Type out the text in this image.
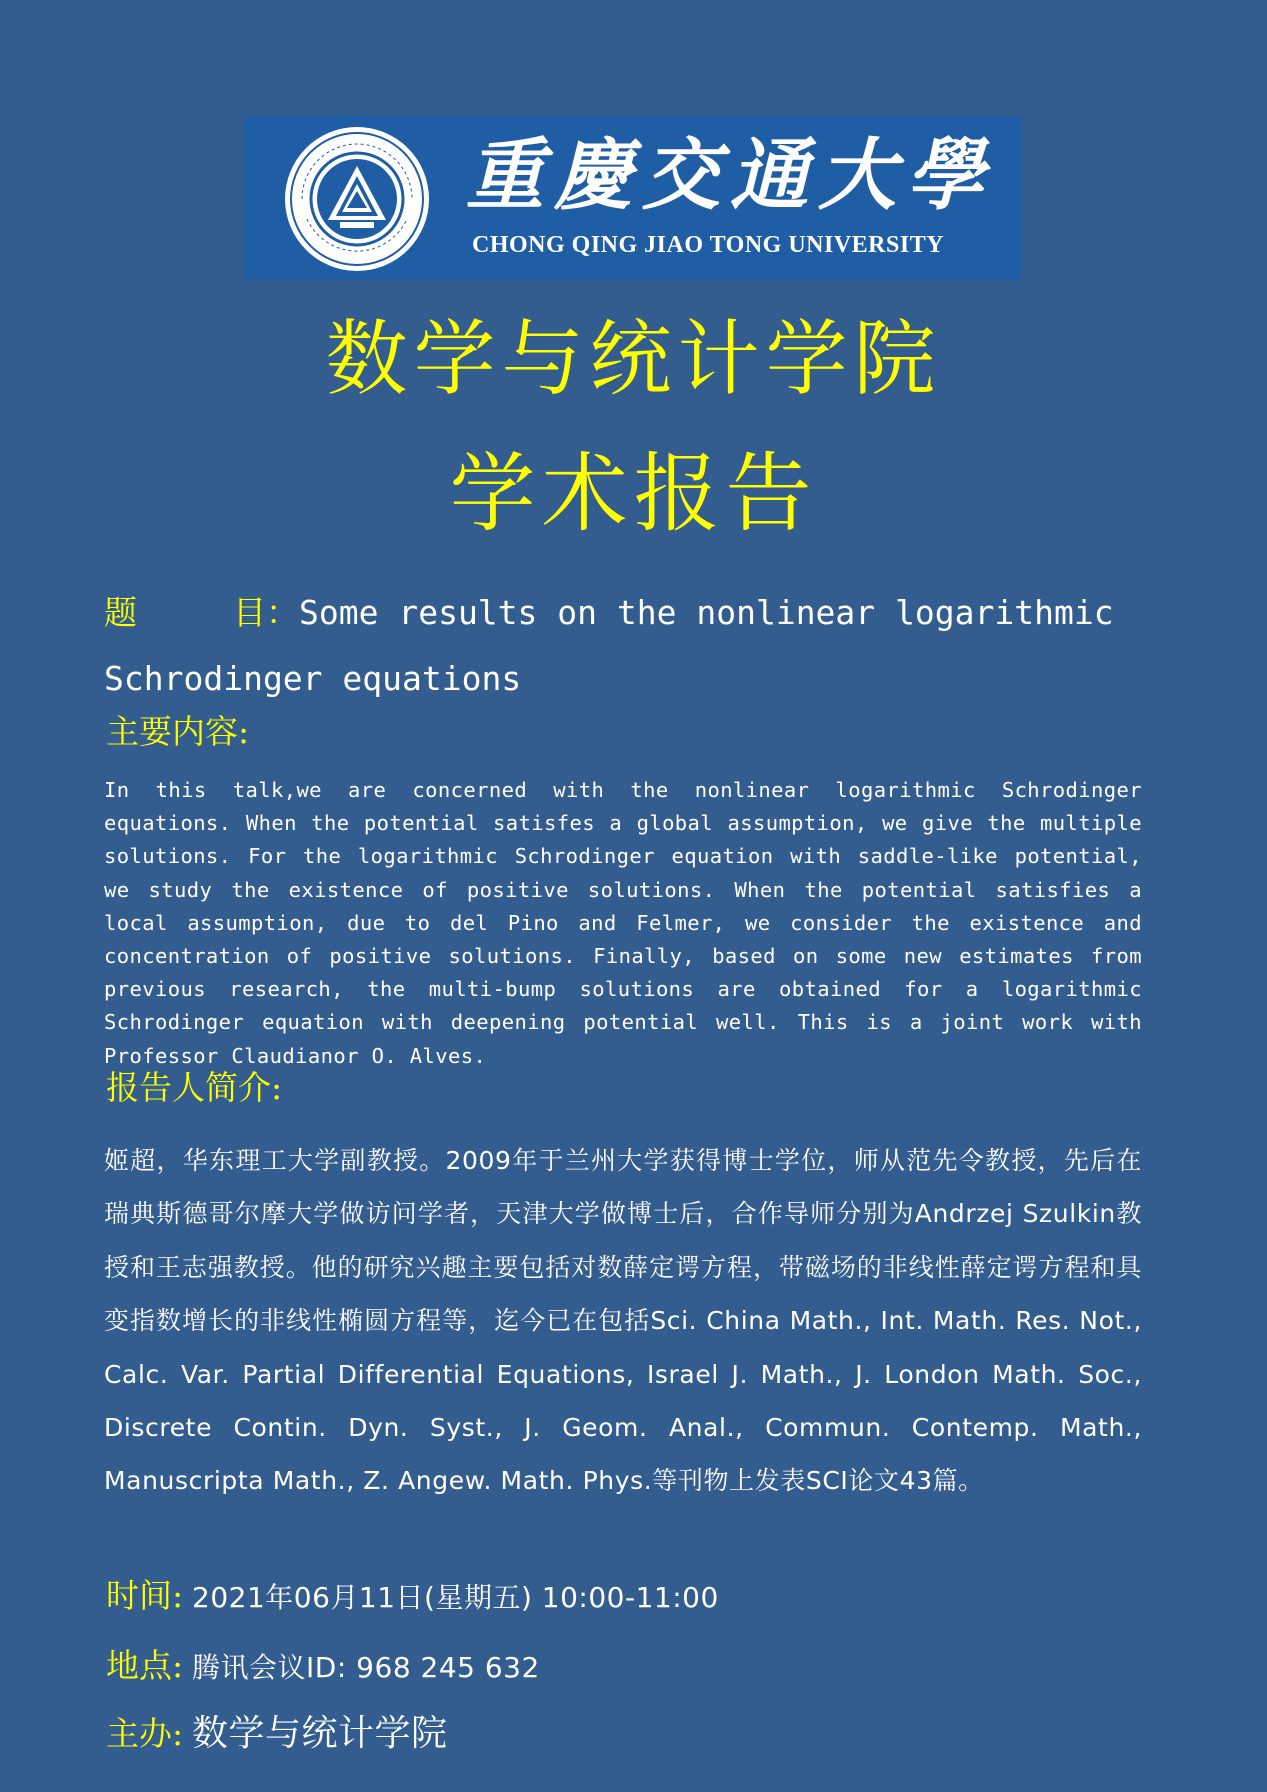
重慶交通大學
CHONG QING JIAO TONG UNIVERSITY
数学与统计学院
学术报告
题	目：Some results on the nonlinear logarithmic Schrodinger equations
主要内容:
In this talk,we are concerned with the nonlinear logarithmic Schrodinger equations. When the potential satisfes a global assumption, we give the multiple solutions. For the logarithmic Schrodinger equation with saddle-like potential, we study the existence of positive solutions. When the potential satisfies a local assumption, due to del Pino and Felmer, we consider the existence and concentration of positive solutions. Finally, based on some new estimates from previous research, the multi-bump solutions are obtained for a logarithmic Schrodinger equation with deepening potential well. This is a joint work with Professor Claudianor O. Alves.
报告人简介:
姬超，华东理工大学副教授。2009年于兰州大学获得博士学位，师从范先令教授，先后在瑞典斯德哥尔摩大学做访问学者，天津大学做博士后，合作导师分别为Andrzej Szulkin教授和王志强教授。他的研究兴趣主要包括对数薛定谔方程，带磁场的非线性薛定谔方程和具变指数增长的非线性椭圆方程等，迄今已在包括Sci. China Math., Int. Math. Res. Not., Calc. Var. Partial Differential Equations, Israel J. Math., J. London Math. Soc., Discrete Contin. Dyn. Syst., J. Geom. Anal., Commun. Contemp. Math., Manuscripta Math., Z. Angew. Math. Phys.等刊物上发表SCI论文43篇。
时间: 2021年06月11日(星期五) 10:00-11:00
地点: 腾讯会议ID: 968 245 632
主办: 数学与统计学院
